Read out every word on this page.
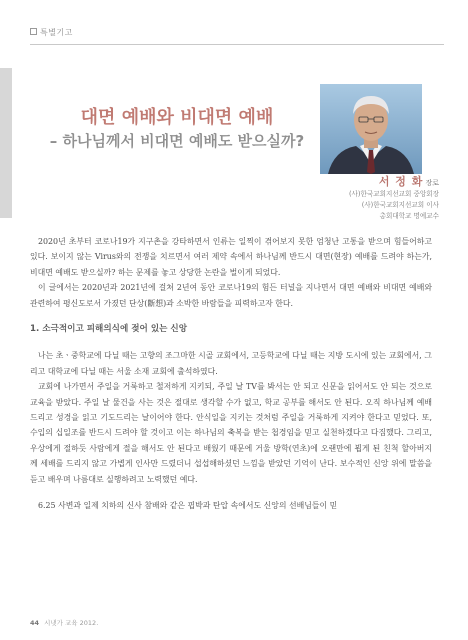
특별기고
대면 예배와 비대면 예배
– 하나님께서 비대면 예배도 받으실까?
서 정 화 장로
(사)한국교회지선교회 중앙회장
(사)한국교회지선교회 이사
총회대학교 명예교수

2020년 초부터 코로나19가 지구촌을 강타하면서 인류는 일찍이 겪어보지 못한 엄청난 고통을 받으며 힘들어하고 있다. 보이지 않는 Virus와의 전쟁을 치르면서 여러 제약 속에서 하나님께 반드시 대면(현장) 예배를 드려야 하는가, 비대면 예배도 받으실까? 하는 문제를 놓고 상당한 논란을 벌이게 되었다.

이 글에서는 2020년과 2021년에 걸쳐 2년여 동안 코로나19의 험든 터널을 지나면서 대면 예배와 비대면 예배와 관련하여 평신도로서 가졌던 단상(斷想)과 소박한 바람들을 피력하고자 한다.

1. 소극적이고 피해의식에 젖어 있는 신앙

나는 초ㆍ중학교에 다닐 때는 고향의 조그마한 시골 교회에서, 고등학교에 다닐 때는 지방 도시에 있는 교회에서, 그리고 대학교에 다닐 때는 서울 소재 교회에 출석하였다.

교회에 나가면서 주일을 거룩하고 철저하게 지키되, 주일 날 TV를 봐서는 안 되고 신문을 읽어서도 안 되는 것으로 교육을 받았다. 주일 날 물건을 사는 것은 절대로 생각할 수가 없고, 학교 공부를 해서도 안 된다. 오직 하나님께 예배드리고 성경을 읽고 기도드리는 날이어야 한다. 안식일을 지키는 것처럼 주일을 거룩하게 지켜야 한다고 믿었다. 또, 수입의 십일조를 반드시 드려야 할 것이고 이는 하나님의 축복을 받는 첩경임을 믿고 실천하겠다고 다짐했다. 그리고, 우상에게 절하듯 사람에게 절을 해서도 안 된다고 배웠기 때문에 거울 방학(연초)에 오랜만에 뵙게 된 친척 할아버지께 세배를 드리지 않고 가볍게 인사만 드렸더니 섭섭해하셨던 느낌을 받았던 기억이 난다. 보수적인 신앙 위에 말씀을 듣고 배우며 나름대로 실행하려고 노력했던 예다.

6.25 사변과 일제 치하의 신사 참배와 같은 핍박과 탄압 속에서도 신앙의 선배님들이 믿

44 시냇가 교육 2012.
